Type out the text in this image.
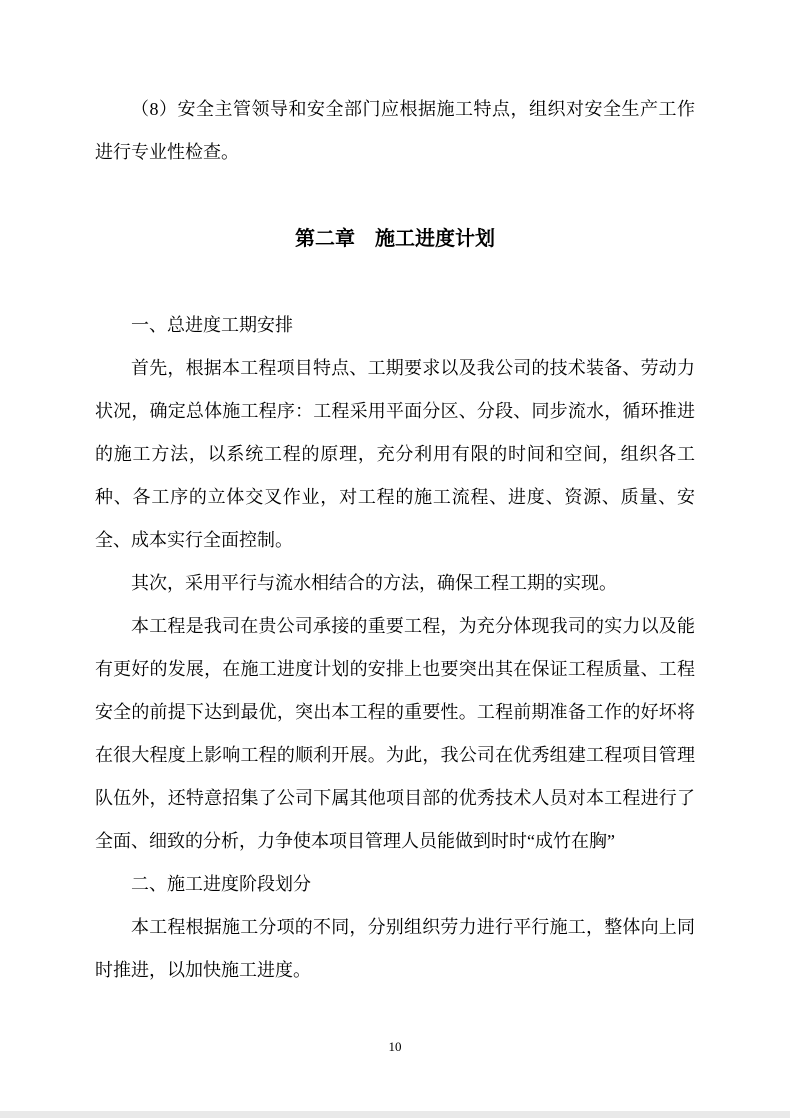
（8）安全主管领导和安全部门应根据施工特点，组织对安全生产工作进行专业性检查。

第二章　施工进度计划

一、总进度工期安排

首先，根据本工程项目特点、工期要求以及我公司的技术装备、劳动力状况，确定总体施工程序：工程采用平面分区、分段、同步流水，循环推进的施工方法，以系统工程的原理，充分利用有限的时间和空间，组织各工种、各工序的立体交叉作业，对工程的施工流程、进度、资源、质量、安全、成本实行全面控制。

其次，采用平行与流水相结合的方法，确保工程工期的实现。

本工程是我司在贵公司承接的重要工程，为充分体现我司的实力以及能有更好的发展，在施工进度计划的安排上也要突出其在保证工程质量、工程安全的前提下达到最优，突出本工程的重要性。工程前期准备工作的好坏将在很大程度上影响工程的顺利开展。为此，我公司在优秀组建工程项目管理队伍外，还特意招集了公司下属其他项目部的优秀技术人员对本工程进行了全面、细致的分析，力争使本项目管理人员能做到时时“成竹在胸”

二、施工进度阶段划分

本工程根据施工分项的不同，分别组织劳力进行平行施工，整体向上同时推进，以加快施工进度。

10
